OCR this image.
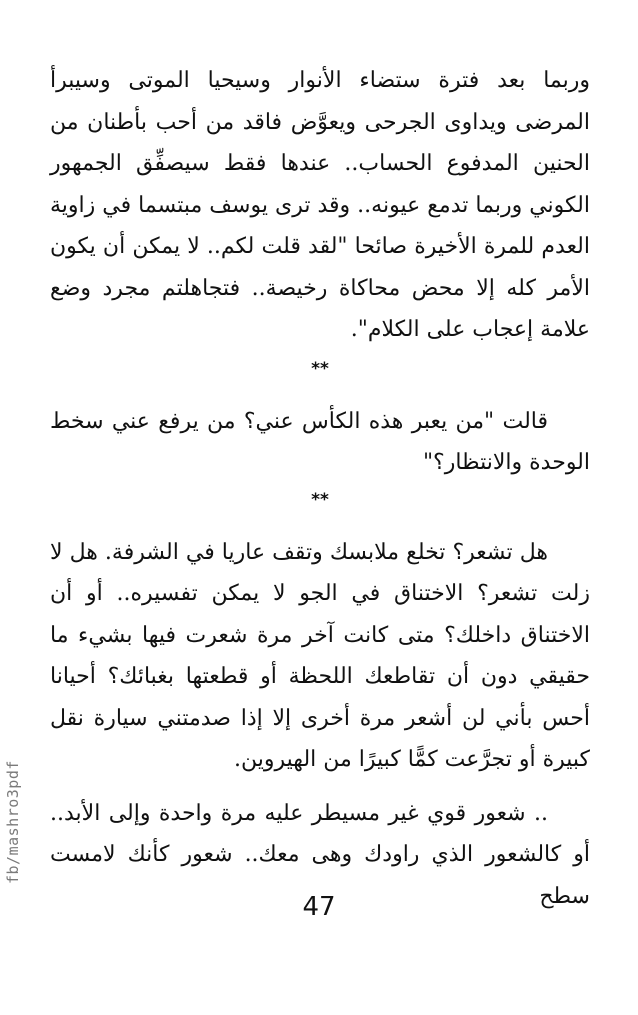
fb/mashro3pdf

وربما بعد فترة ستضاء الأنوار وسيحيا الموتى وسيبرأ المرضى ويداوى الجرحى ويعوَّض فاقد من أحب بأطنان من الحنين المدفوع الحساب.. عندها فقط سيصفِّق الجمهور الكوني وربما تدمع عيونه.. وقد ترى يوسف مبتسما في زاوية العدم للمرة الأخيرة صائحا "لقد قلت لكم.. لا يمكن أن يكون الأمر كله إلا محض محاكاة رخيصة.. فتجاهلتم مجرد وضع علامة إعجاب على الكلام".

**

قالت "من يعبر هذه الكأس عني؟ من يرفع عني سخط الوحدة والانتظار؟"

**

هل تشعر؟ تخلع ملابسك وتقف عاريا في الشرفة. هل لا زلت تشعر؟ الاختناق في الجو لا يمكن تفسيره.. أو أن الاختناق داخلك؟ متى كانت آخر مرة شعرت فيها بشيء ما حقيقي دون أن تقاطعك اللحظة أو قطعتها بغبائك؟ أحيانا أحس بأني لن أشعر مرة أخرى إلا إذا صدمتني سيارة نقل كبيرة أو تجرَّعت كمًّا كبيرًا من الهيروين.

.. شعور قوي غير مسيطر عليه مرة واحدة وإلى الأبد.. أو كالشعور الذي راودك وهى معك.. شعور كأنك لامست سطح

47
